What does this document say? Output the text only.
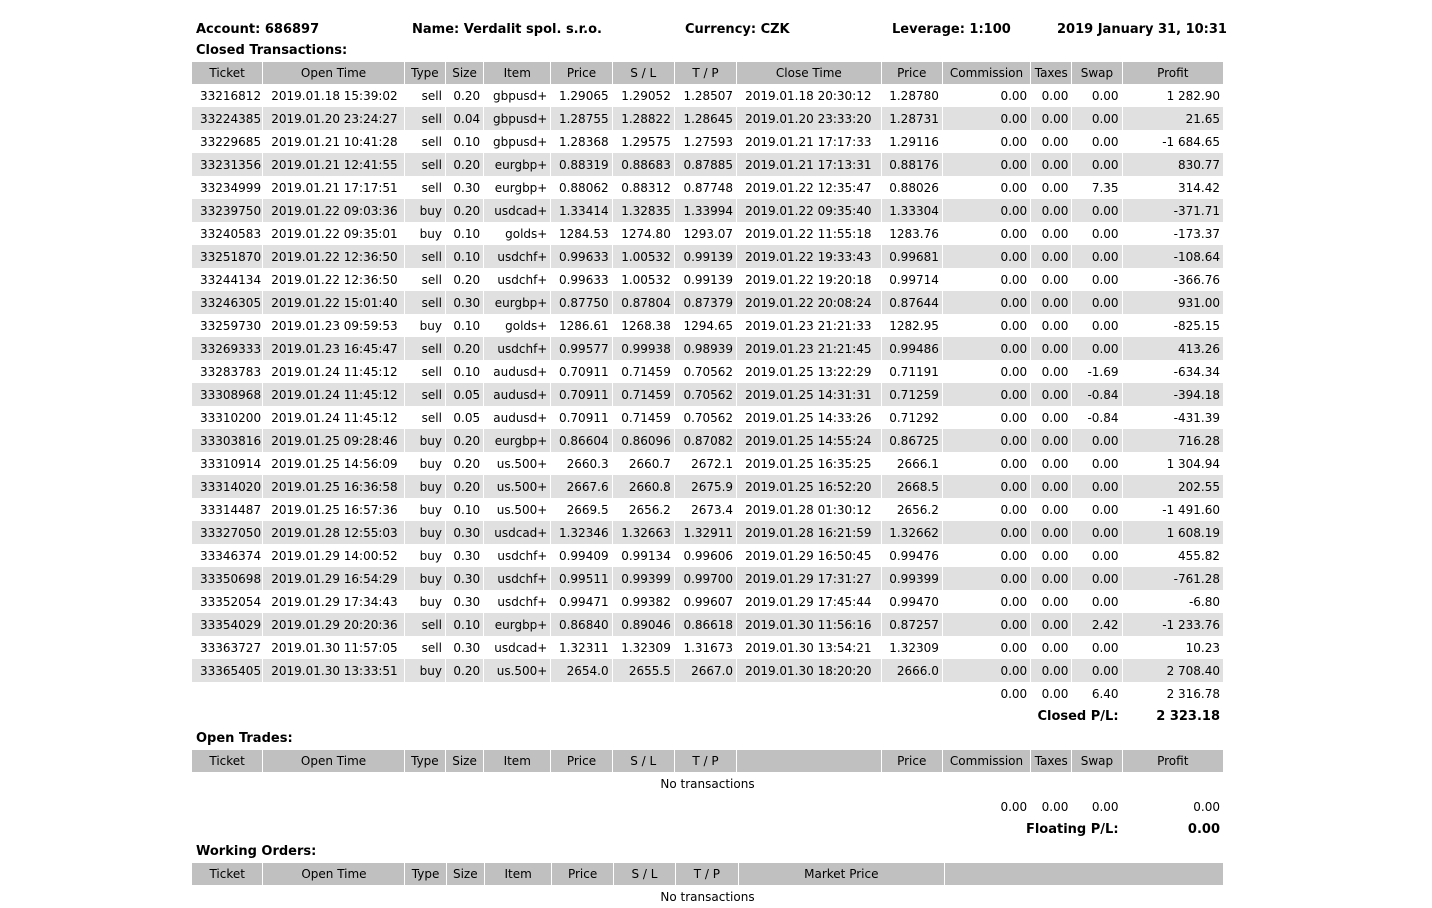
Account: 686897	Name: Verdalit spol. s.r.o.	Currency: CZK	Leverage: 1:100	2019 January 31, 10:31
Closed Transactions:
Ticket	Open Time	Type	Size	Item	Price	S / L	T / P	Close Time	Price	Commission	Taxes	Swap	Profit
33216812	2019.01.18 15:39:02	sell	0.20	gbpusd+	1.29065	1.29052	1.28507	2019.01.18 20:30:12	1.28780	0.00	0.00	0.00	1 282.90
33224385	2019.01.20 23:24:27	sell	0.04	gbpusd+	1.28755	1.28822	1.28645	2019.01.20 23:33:20	1.28731	0.00	0.00	0.00	21.65
33229685	2019.01.21 10:41:28	sell	0.10	gbpusd+	1.28368	1.29575	1.27593	2019.01.21 17:17:33	1.29116	0.00	0.00	0.00	-1 684.65
33231356	2019.01.21 12:41:55	sell	0.20	eurgbp+	0.88319	0.88683	0.87885	2019.01.21 17:13:31	0.88176	0.00	0.00	0.00	830.77
33234999	2019.01.21 17:17:51	sell	0.30	eurgbp+	0.88062	0.88312	0.87748	2019.01.22 12:35:47	0.88026	0.00	0.00	7.35	314.42
33239750	2019.01.22 09:03:36	buy	0.20	usdcad+	1.33414	1.32835	1.33994	2019.01.22 09:35:40	1.33304	0.00	0.00	0.00	-371.71
33240583	2019.01.22 09:35:01	buy	0.10	golds+	1284.53	1274.80	1293.07	2019.01.22 11:55:18	1283.76	0.00	0.00	0.00	-173.37
33251870	2019.01.22 12:36:50	sell	0.10	usdchf+	0.99633	1.00532	0.99139	2019.01.22 19:33:43	0.99681	0.00	0.00	0.00	-108.64
33244134	2019.01.22 12:36:50	sell	0.20	usdchf+	0.99633	1.00532	0.99139	2019.01.22 19:20:18	0.99714	0.00	0.00	0.00	-366.76
33246305	2019.01.22 15:01:40	sell	0.30	eurgbp+	0.87750	0.87804	0.87379	2019.01.22 20:08:24	0.87644	0.00	0.00	0.00	931.00
33259730	2019.01.23 09:59:53	buy	0.10	golds+	1286.61	1268.38	1294.65	2019.01.23 21:21:33	1282.95	0.00	0.00	0.00	-825.15
33269333	2019.01.23 16:45:47	sell	0.20	usdchf+	0.99577	0.99938	0.98939	2019.01.23 21:21:45	0.99486	0.00	0.00	0.00	413.26
33283783	2019.01.24 11:45:12	sell	0.10	audusd+	0.70911	0.71459	0.70562	2019.01.25 13:22:29	0.71191	0.00	0.00	-1.69	-634.34
33308968	2019.01.24 11:45:12	sell	0.05	audusd+	0.70911	0.71459	0.70562	2019.01.25 14:31:31	0.71259	0.00	0.00	-0.84	-394.18
33310200	2019.01.24 11:45:12	sell	0.05	audusd+	0.70911	0.71459	0.70562	2019.01.25 14:33:26	0.71292	0.00	0.00	-0.84	-431.39
33303816	2019.01.25 09:28:46	buy	0.20	eurgbp+	0.86604	0.86096	0.87082	2019.01.25 14:55:24	0.86725	0.00	0.00	0.00	716.28
33310914	2019.01.25 14:56:09	buy	0.20	us.500+	2660.3	2660.7	2672.1	2019.01.25 16:35:25	2666.1	0.00	0.00	0.00	1 304.94
33314020	2019.01.25 16:36:58	buy	0.20	us.500+	2667.6	2660.8	2675.9	2019.01.25 16:52:20	2668.5	0.00	0.00	0.00	202.55
33314487	2019.01.25 16:57:36	buy	0.10	us.500+	2669.5	2656.2	2673.4	2019.01.28 01:30:12	2656.2	0.00	0.00	0.00	-1 491.60
33327050	2019.01.28 12:55:03	buy	0.30	usdcad+	1.32346	1.32663	1.32911	2019.01.28 16:21:59	1.32662	0.00	0.00	0.00	1 608.19
33346374	2019.01.29 14:00:52	buy	0.30	usdchf+	0.99409	0.99134	0.99606	2019.01.29 16:50:45	0.99476	0.00	0.00	0.00	455.82
33350698	2019.01.29 16:54:29	buy	0.30	usdchf+	0.99511	0.99399	0.99700	2019.01.29 17:31:27	0.99399	0.00	0.00	0.00	-761.28
33352054	2019.01.29 17:34:43	buy	0.30	usdchf+	0.99471	0.99382	0.99607	2019.01.29 17:45:44	0.99470	0.00	0.00	0.00	-6.80
33354029	2019.01.29 20:20:36	sell	0.10	eurgbp+	0.86840	0.89046	0.86618	2019.01.30 11:56:16	0.87257	0.00	0.00	2.42	-1 233.76
33363727	2019.01.30 11:57:05	sell	0.30	usdcad+	1.32311	1.32309	1.31673	2019.01.30 13:54:21	1.32309	0.00	0.00	0.00	10.23
33365405	2019.01.30 13:33:51	buy	0.20	us.500+	2654.0	2655.5	2667.0	2019.01.30 18:20:20	2666.0	0.00	0.00	0.00	2 708.40
										0.00	0.00	6.40	2 316.78
										Closed P/L:			2 323.18
Open Trades:
Ticket	Open Time	Type	Size	Item	Price	S / L	T / P		Price	Commission	Taxes	Swap	Profit
No transactions													
										0.00	0.00	0.00	0.00
										Floating P/L:			0.00
Working Orders:
Ticket	Open Time	Type	Size	Item	Price	S / L	T / P	Market Price	
No transactions
